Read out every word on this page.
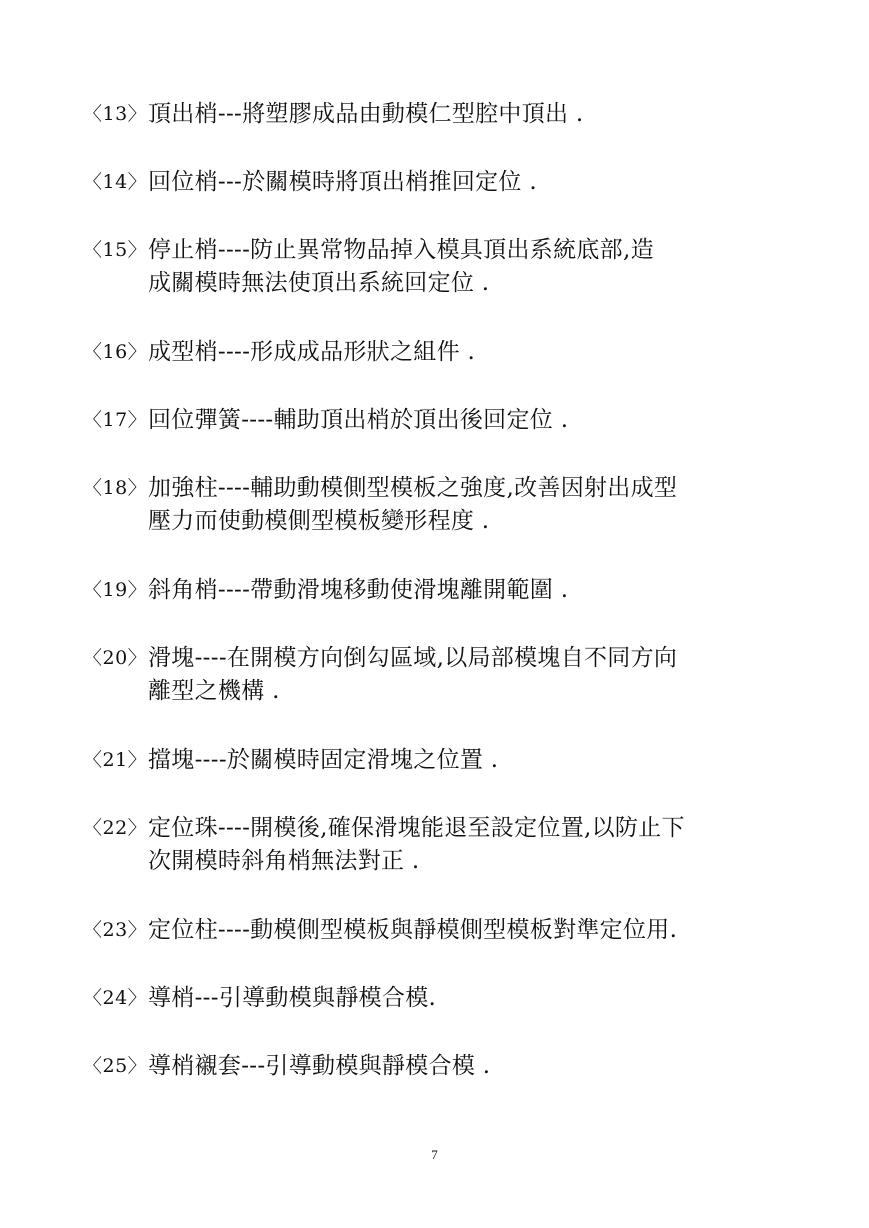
〈13〉 頂出梢---將塑膠成品由動模仁型腔中頂出 .
〈14〉 回位梢---於關模時將頂出梢推回定位 .
〈15〉 停止梢----防止異常物品掉入模具頂出系統底部,造
成關模時無法使頂出系統回定位 .
〈16〉 成型梢----形成成品形狀之組件 .
〈17〉 回位彈簧----輔助頂出梢於頂出後回定位 .
〈18〉 加強柱----輔助動模側型模板之強度,改善因射出成型
壓力而使動模側型模板變形程度 .
〈19〉 斜角梢----帶動滑塊移動使滑塊離開範圍 .
〈20〉 滑塊----在開模方向倒勾區域,以局部模塊自不同方向
離型之機構 .
〈21〉 擋塊----於關模時固定滑塊之位置 .
〈22〉 定位珠----開模後,確保滑塊能退至設定位置,以防止下
次開模時斜角梢無法對正 .
〈23〉 定位柱----動模側型模板與靜模側型模板對準定位用.
〈24〉 導梢---引導動模與靜模合模.
〈25〉 導梢襯套---引導動模與靜模合模 .
7
